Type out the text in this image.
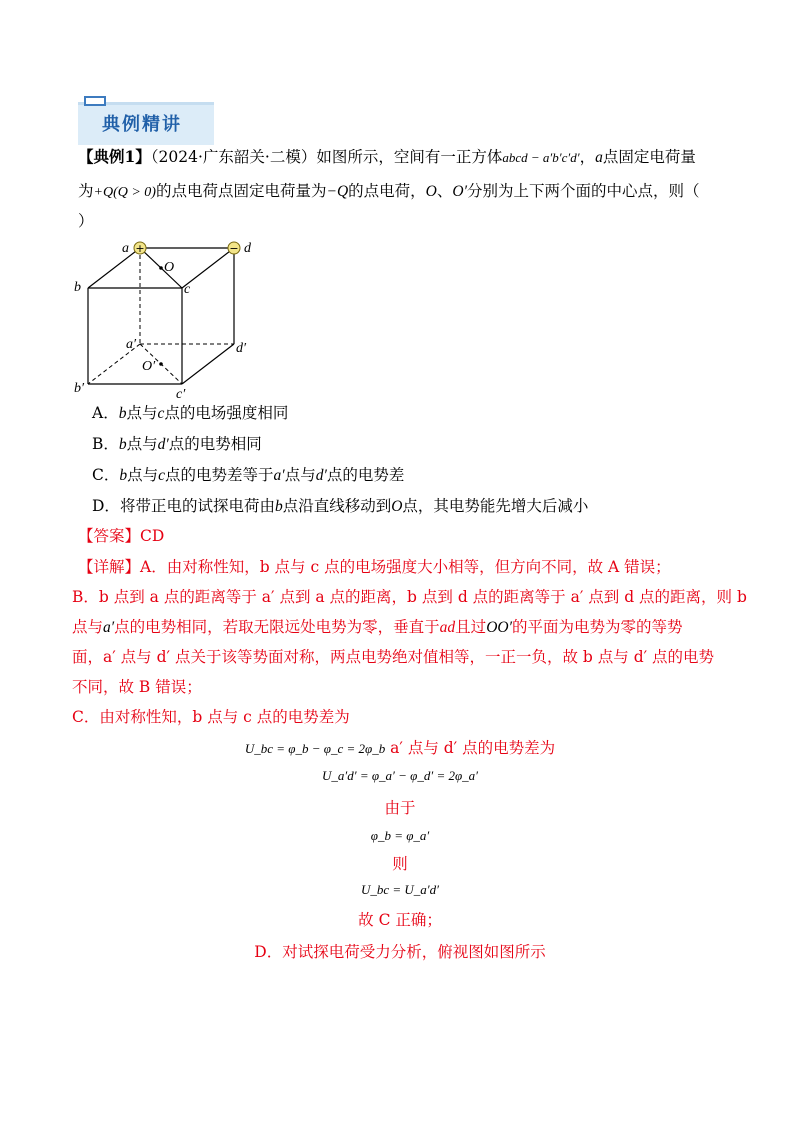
典例精讲
【典例1】（2024·广东韶关·二模）如图所示，空间有一正方体abcd − a′b′c′d′，a点固定电荷量
为+Q(Q > 0)的点电荷点固定电荷量为−Q的点电荷，O、O′分别为上下两个面的中心点，则（
）
+	−
a	d
O
b	c
a′	d′
O′
b′	c′
A．b点与c点的电场强度相同
B．b点与d′点的电势相同
C．b点与c点的电势差等于a′点与d′点的电势差
D．将带正电的试探电荷由b点沿直线移动到O点，其电势能先增大后减小
【答案】CD
【详解】A．由对称性知，b 点与 c 点的电场强度大小相等，但方向不同，故 A 错误；
B．b 点到 a 点的距离等于 a′ 点到 a 点的距离，b 点到 d 点的距离等于 a′ 点到 d 点的距离，则 b
点与a′点的电势相同，若取无限远处电势为零，垂直于ad且过OO′的平面为电势为零的等势
面，a′ 点与 d′ 点关于该等势面对称，两点电势绝对值相等，一正一负，故 b 点与 d′ 点的电势
不同，故 B 错误；
C．由对称性知，b 点与 c 点的电势差为
U_bc = φ_b − φ_c = 2φ_b a′ 点与 d′ 点的电势差为
U_a′d′ = φ_a′ − φ_d′ = 2φ_a′
由于
φ_b = φ_a′
则
U_bc = U_a′d′
故 C 正确；
D．对试探电荷受力分析，俯视图如图所示
